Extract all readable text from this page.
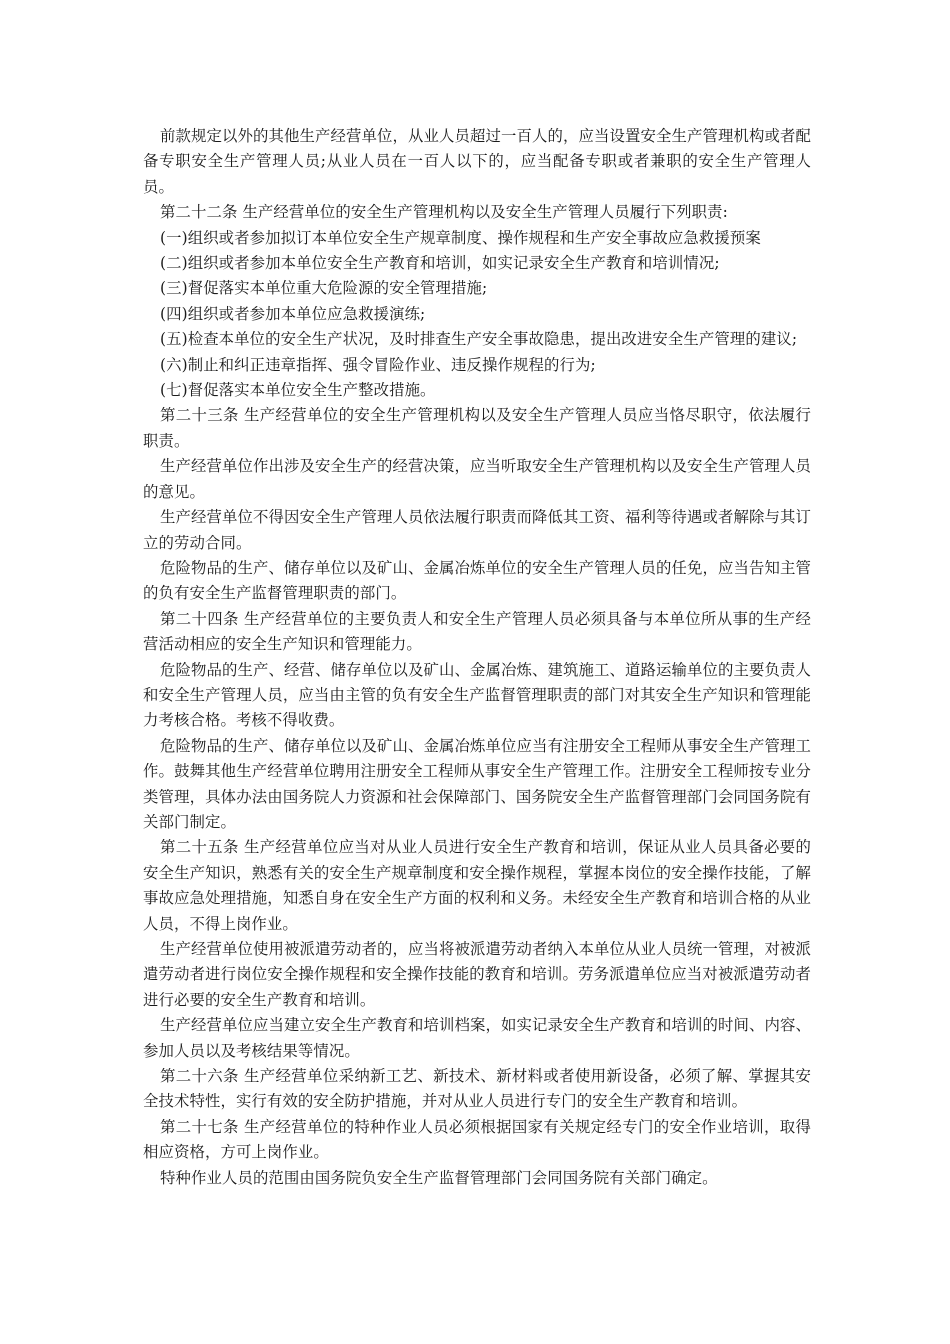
前款规定以外的其他生产经营单位，从业人员超过一百人的，应当设置安全生产管理机构或者配备专职安全生产管理人员;从业人员在一百人以下的，应当配备专职或者兼职的安全生产管理人员。

第二十二条 生产经营单位的安全生产管理机构以及安全生产管理人员履行下列职责:

(一)组织或者参加拟订本单位安全生产规章制度、操作规程和生产安全事故应急救援预案

(二)组织或者参加本单位安全生产教育和培训，如实记录安全生产教育和培训情况;

(三)督促落实本单位重大危险源的安全管理措施;

(四)组织或者参加本单位应急救援演练;

(五)检查本单位的安全生产状况，及时排查生产安全事故隐患，提出改进安全生产管理的建议;

(六)制止和纠正违章指挥、强令冒险作业、违反操作规程的行为;

(七)督促落实本单位安全生产整改措施。

第二十三条 生产经营单位的安全生产管理机构以及安全生产管理人员应当恪尽职守，依法履行职责。

生产经营单位作出涉及安全生产的经营决策，应当听取安全生产管理机构以及安全生产管理人员的意见。

生产经营单位不得因安全生产管理人员依法履行职责而降低其工资、福利等待遇或者解除与其订立的劳动合同。

危险物品的生产、储存单位以及矿山、金属冶炼单位的安全生产管理人员的任免，应当告知主管的负有安全生产监督管理职责的部门。

第二十四条 生产经营单位的主要负责人和安全生产管理人员必须具备与本单位所从事的生产经营活动相应的安全生产知识和管理能力。

危险物品的生产、经营、储存单位以及矿山、金属冶炼、建筑施工、道路运输单位的主要负责人和安全生产管理人员，应当由主管的负有安全生产监督管理职责的部门对其安全生产知识和管理能力考核合格。考核不得收费。

危险物品的生产、储存单位以及矿山、金属冶炼单位应当有注册安全工程师从事安全生产管理工作。鼓舞其他生产经营单位聘用注册安全工程师从事安全生产管理工作。注册安全工程师按专业分类管理，具体办法由国务院人力资源和社会保障部门、国务院安全生产监督管理部门会同国务院有关部门制定。

第二十五条 生产经营单位应当对从业人员进行安全生产教育和培训，保证从业人员具备必要的安全生产知识，熟悉有关的安全生产规章制度和安全操作规程，掌握本岗位的安全操作技能，了解事故应急处理措施，知悉自身在安全生产方面的权利和义务。未经安全生产教育和培训合格的从业人员，不得上岗作业。

生产经营单位使用被派遣劳动者的，应当将被派遣劳动者纳入本单位从业人员统一管理，对被派遣劳动者进行岗位安全操作规程和安全操作技能的教育和培训。劳务派遣单位应当对被派遣劳动者进行必要的安全生产教育和培训。

生产经营单位应当建立安全生产教育和培训档案，如实记录安全生产教育和培训的时间、内容、参加人员以及考核结果等情况。

第二十六条 生产经营单位采纳新工艺、新技术、新材料或者使用新设备，必须了解、掌握其安全技术特性，实行有效的安全防护措施，并对从业人员进行专门的安全生产教育和培训。

第二十七条 生产经营单位的特种作业人员必须根据国家有关规定经专门的安全作业培训，取得相应资格，方可上岗作业。

特种作业人员的范围由国务院负安全生产监督管理部门会同国务院有关部门确定。
